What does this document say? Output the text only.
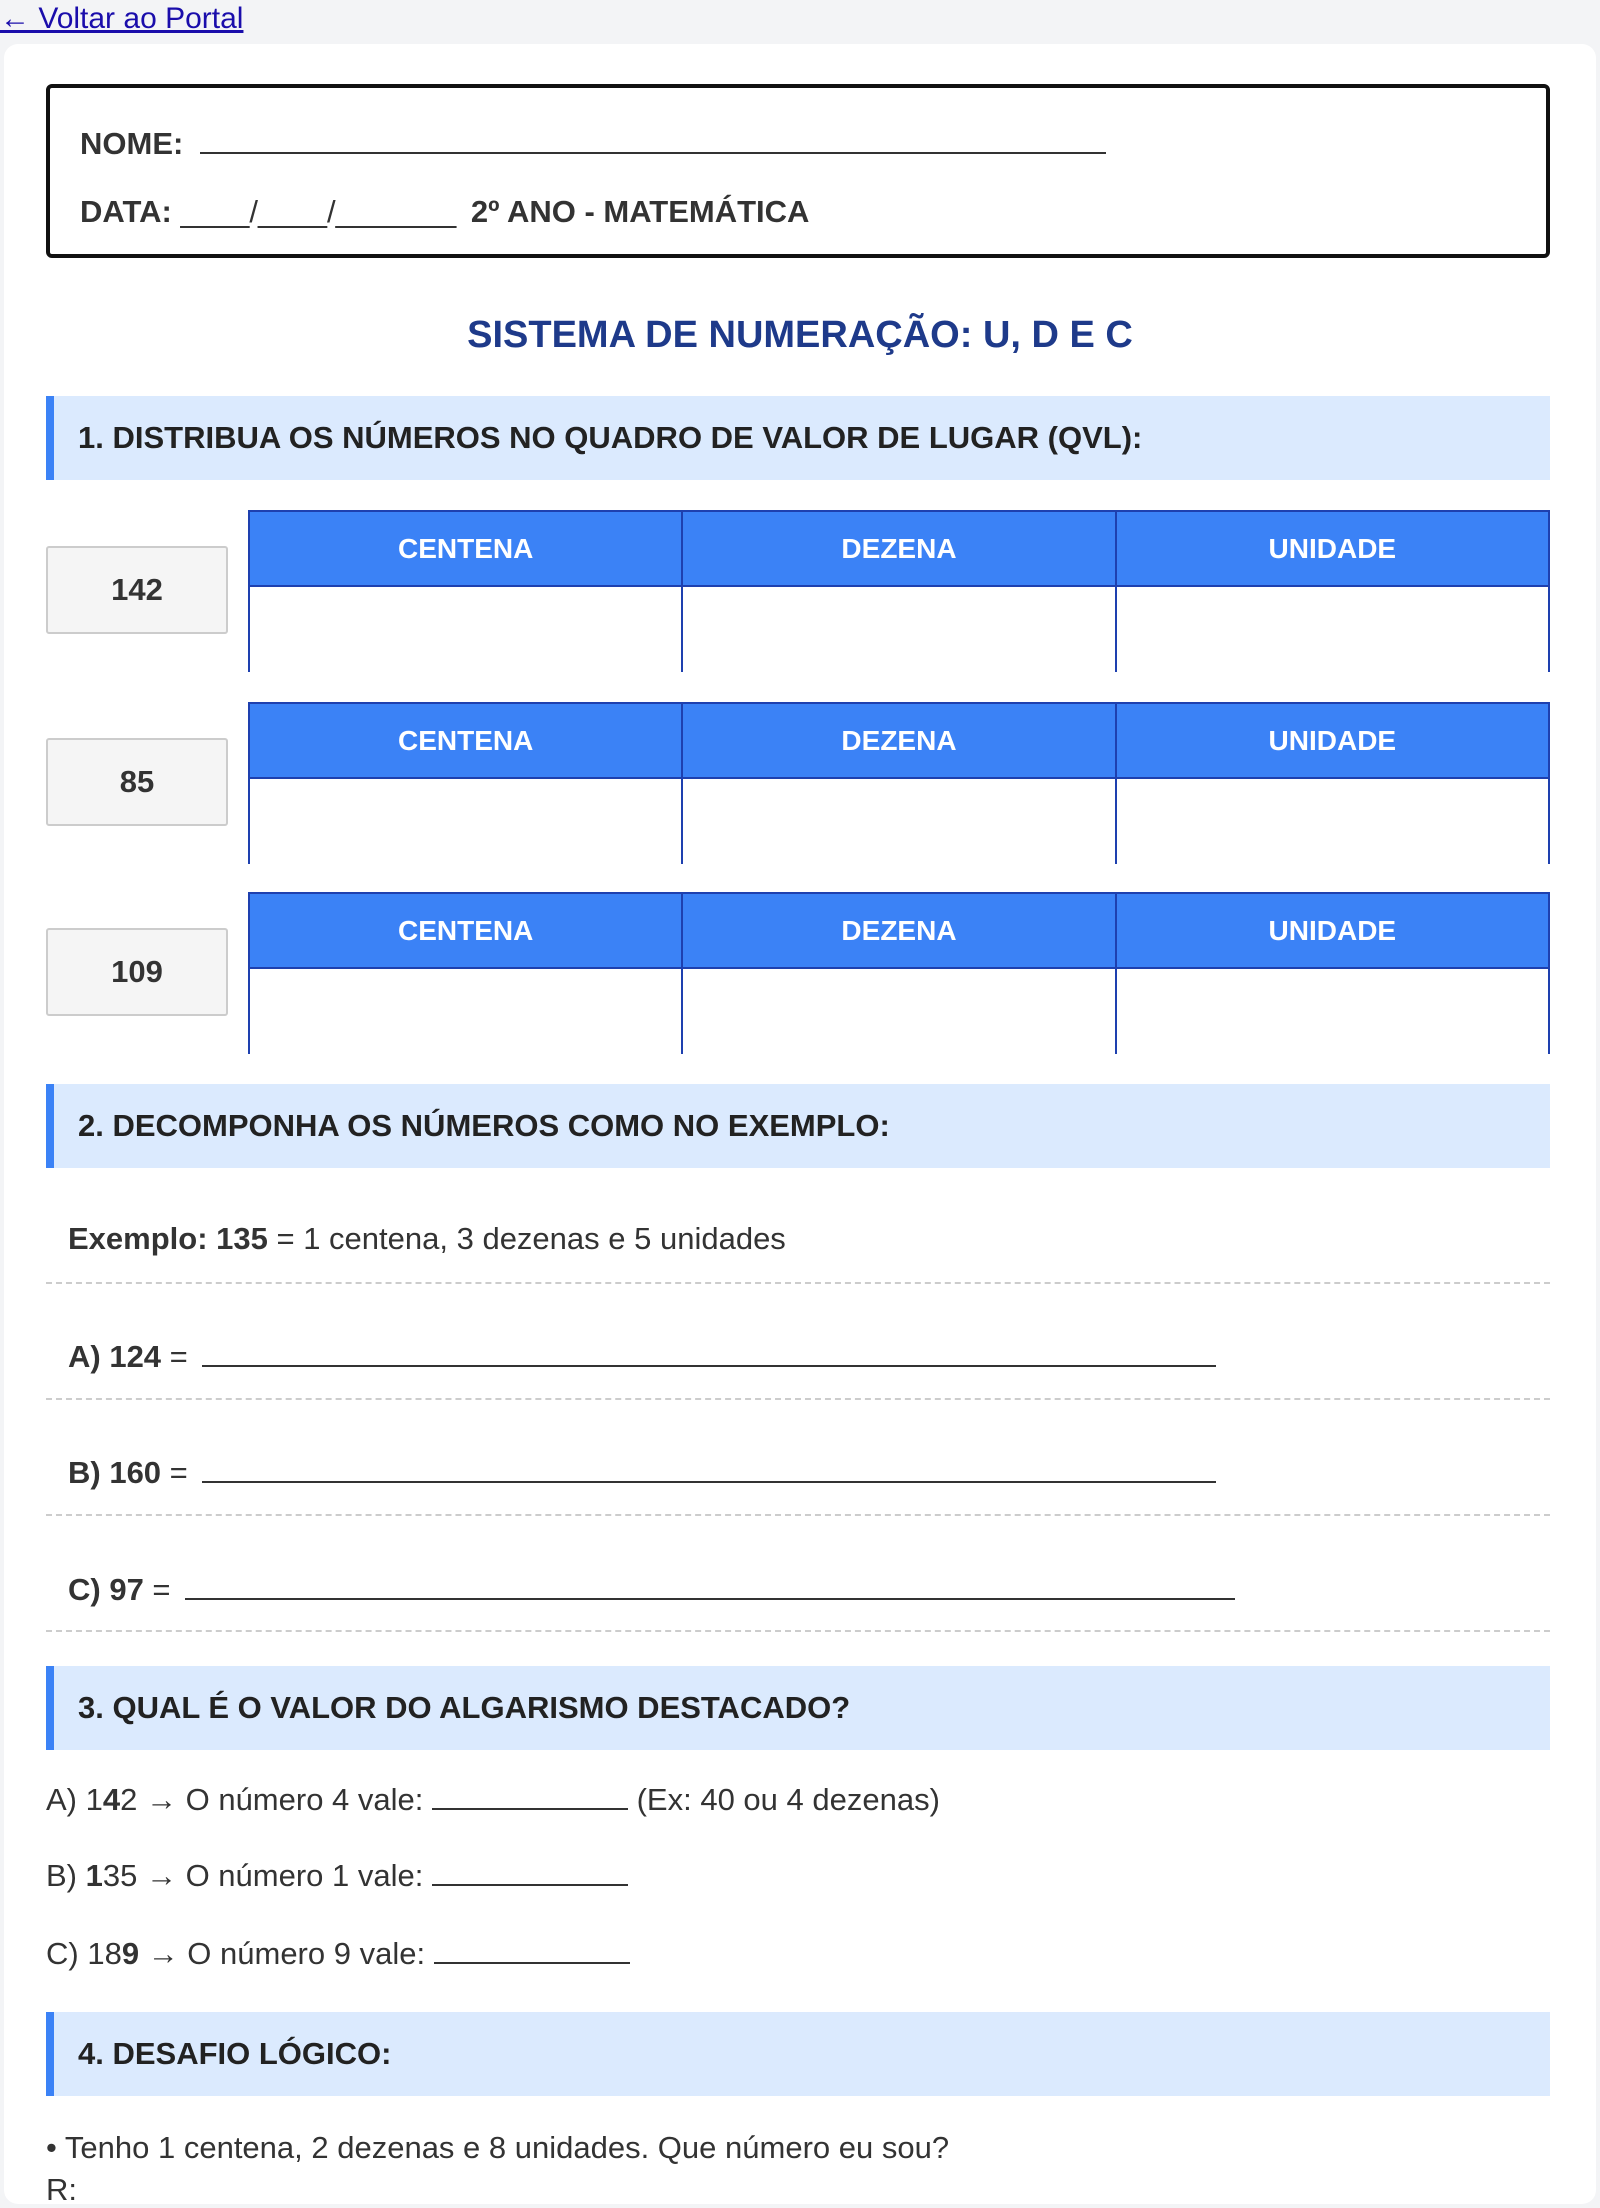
← Voltar ao Portal
NOME:
DATA: ____/____/_______ 2º ANO - MATEMÁTICA
SISTEMA DE NUMERAÇÃO: U, D E C
1. DISTRIBUA OS NÚMEROS NO QUADRO DE VALOR DE LUGAR (QVL):
142
CENTENA	DEZENA	UNIDADE
85
CENTENA	DEZENA	UNIDADE
109
CENTENA	DEZENA	UNIDADE
2. DECOMPONHA OS NÚMEROS COMO NO EXEMPLO:
Exemplo: 135 = 1 centena, 3 dezenas e 5 unidades
A) 124 =
B) 160 =
C) 97 =
3. QUAL É O VALOR DO ALGARISMO DESTACADO?
A) 142 → O número 4 vale:	(Ex: 40 ou 4 dezenas)
B) 135 → O número 1 vale:
C) 189 → O número 9 vale:
4. DESAFIO LÓGICO:
• Tenho 1 centena, 2 dezenas e 8 unidades. Que número eu sou?
R:
